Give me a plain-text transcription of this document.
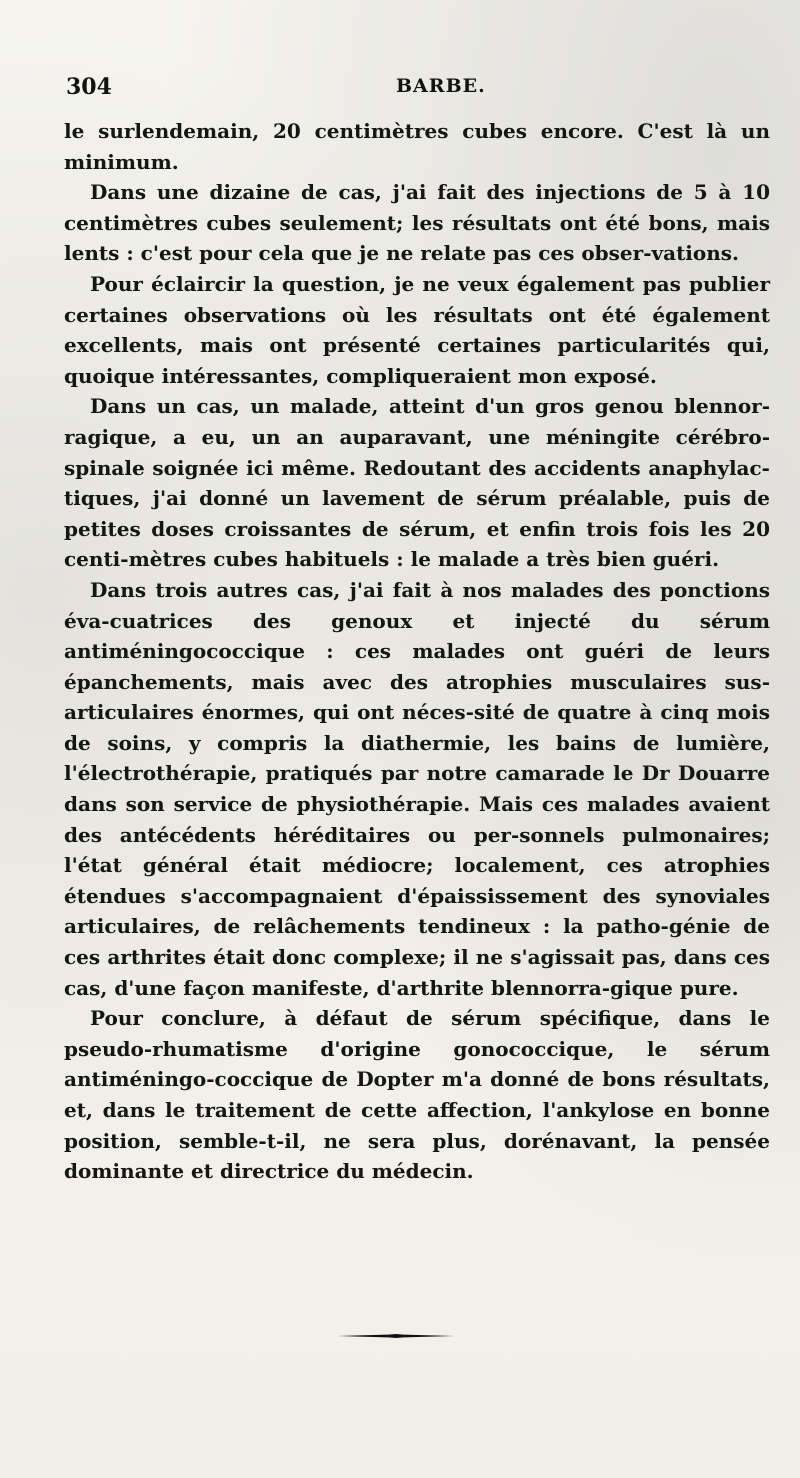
304	BARBE.

le surlendemain, 20 centimètres cubes encore. C'est là un minimum.

Dans une dizaine de cas, j'ai fait des injections de 5 à 10 centimètres cubes seulement; les résultats ont été bons, mais lents : c'est pour cela que je ne relate pas ces obser-vations.

Pour éclaircir la question, je ne veux également pas publier certaines observations où les résultats ont été également excellents, mais ont présenté certaines particularités qui, quoique intéressantes, compliqueraient mon exposé.

Dans un cas, un malade, atteint d'un gros genou blennor-ragique, a eu, un an auparavant, une méningite cérébro-spinale soignée ici même. Redoutant des accidents anaphylac-tiques, j'ai donné un lavement de sérum préalable, puis de petites doses croissantes de sérum, et enfin trois fois les 20 centi-mètres cubes habituels : le malade a très bien guéri.

Dans trois autres cas, j'ai fait à nos malades des ponctions éva-cuatrices des genoux et injecté du sérum antiméningococcique : ces malades ont guéri de leurs épanchements, mais avec des atrophies musculaires sus-articulaires énormes, qui ont néces-sité de quatre à cinq mois de soins, y compris la diathermie, les bains de lumière, l'électrothérapie, pratiqués par notre camarade le Dr Douarre dans son service de physiothérapie. Mais ces malades avaient des antécédents héréditaires ou per-sonnels pulmonaires; l'état général était médiocre; localement, ces atrophies étendues s'accompagnaient d'épaississement des synoviales articulaires, de relâchements tendineux : la patho-génie de ces arthrites était donc complexe; il ne s'agissait pas, dans ces cas, d'une façon manifeste, d'arthrite blennorra-gique pure.

Pour conclure, à défaut de sérum spécifique, dans le pseudo-rhumatisme d'origine gonococcique, le sérum antiméningo-coccique de Dopter m'a donné de bons résultats, et, dans le traitement de cette affection, l'ankylose en bonne position, semble-t-il, ne sera plus, dorénavant, la pensée dominante et directrice du médecin.
